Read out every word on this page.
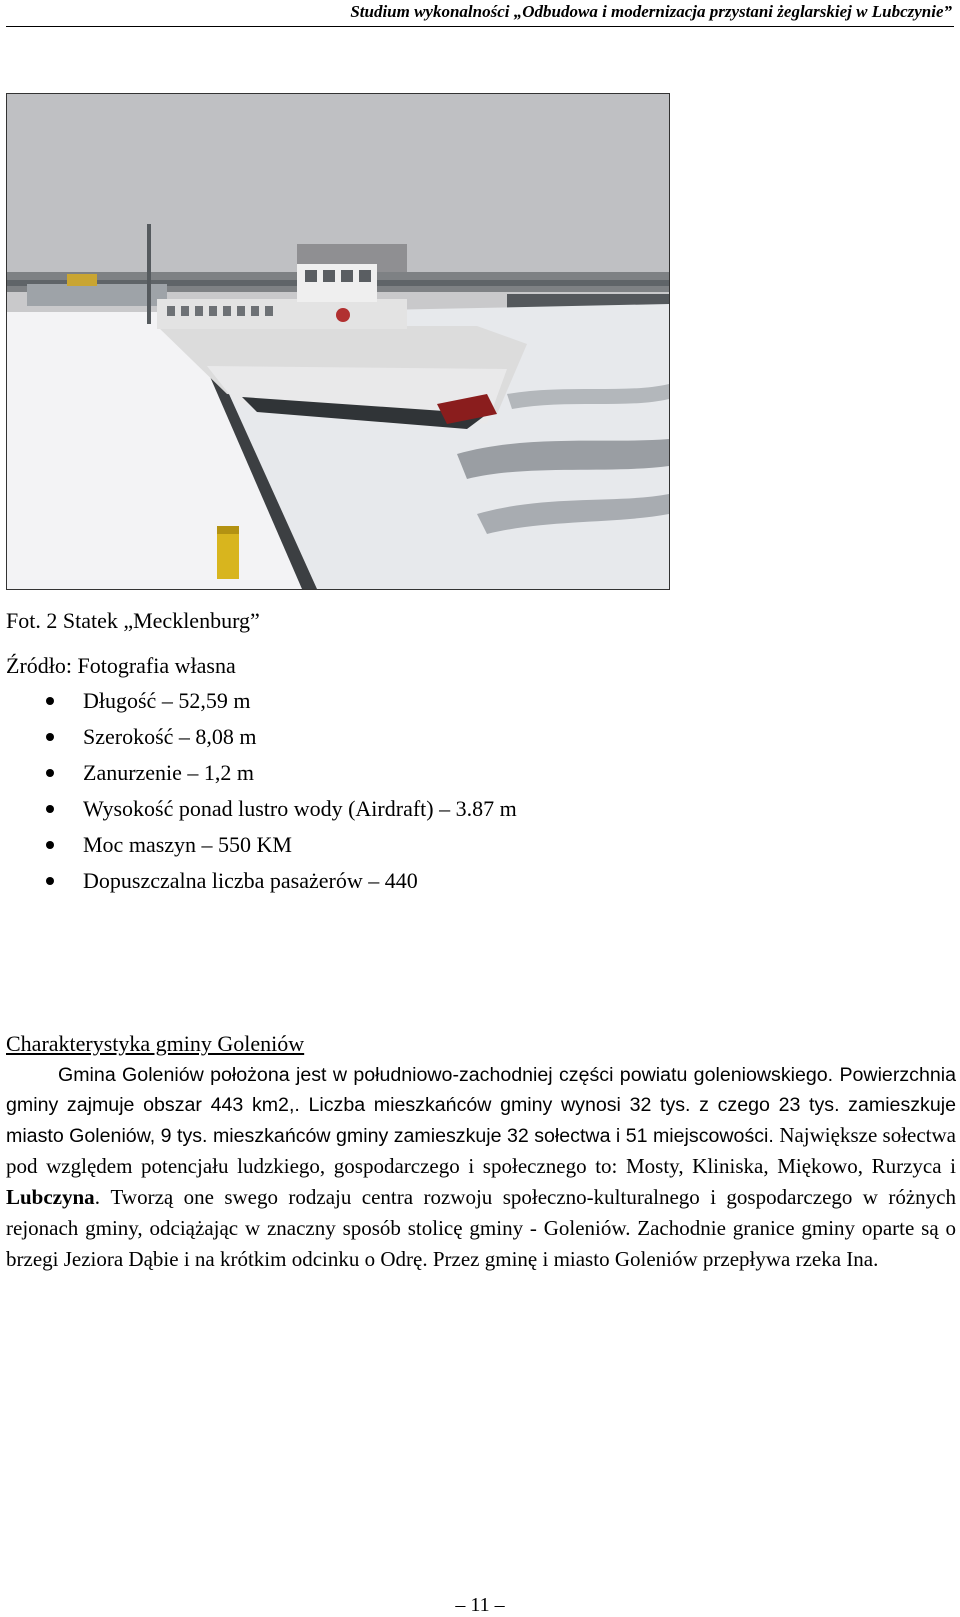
Studium wykonalności „Odbudowa i modernizacja przystani żeglarskiej w Lubczynie”
Fot. 2 Statek „Mecklenburg”
Źródło: Fotografia własna
Długość – 52,59 m
Szerokość – 8,08 m
Zanurzenie – 1,2 m
Wysokość ponad lustro wody (Airdraft) – 3.87 m
Moc maszyn – 550 KM
Dopuszczalna liczba pasażerów – 440
Charakterystyka gminy Goleniów

Gmina Goleniów położona jest w południowo-zachodniej części powiatu goleniowskiego. Powierzchnia gminy zajmuje obszar 443 km2,. Liczba mieszkańców gminy wynosi 32 tys. z czego 23 tys. zamieszkuje miasto Goleniów, 9 tys. mieszkańców gminy zamieszkuje 32 sołectwa i 51 miejscowości. Największe sołectwa pod względem potencjału ludzkiego, gospodarczego i społecznego to: Mosty, Kliniska, Miękowo, Rurzyca i Lubczyna. Tworzą one swego rodzaju centra rozwoju społeczno-kulturalnego i gospodarczego w różnych rejonach gminy, odciążając w znaczny sposób stolicę gminy - Goleniów. Zachodnie granice gminy oparte są o brzegi Jeziora Dąbie i na krótkim odcinku o Odrę. Przez gminę i miasto Goleniów przepływa rzeka Ina.

– 11 –
